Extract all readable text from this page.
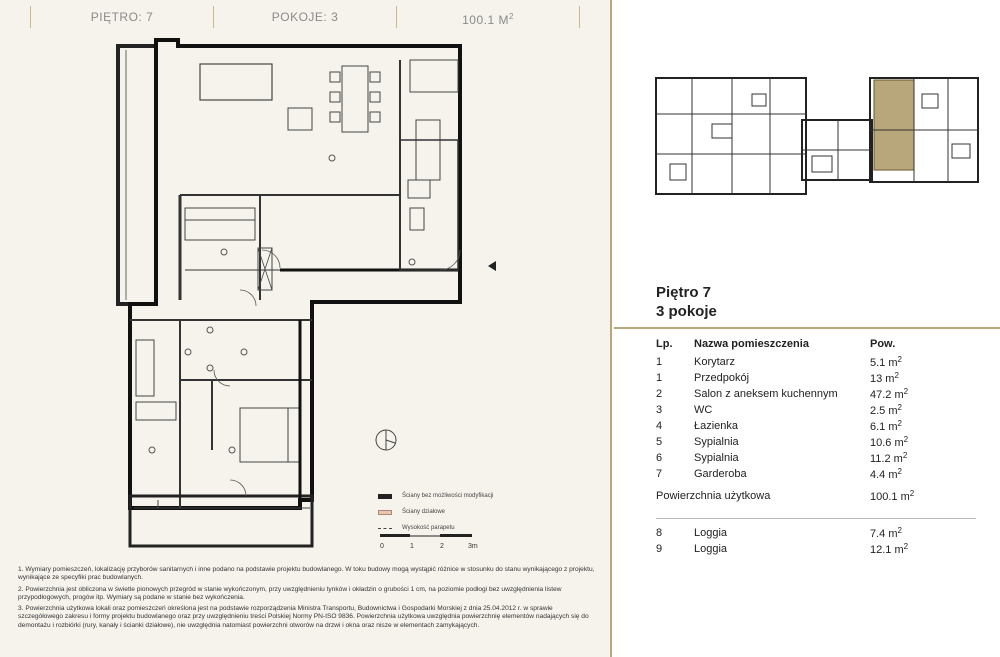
PIĘTRO: 7	POKOJE: 3	100.1 $M^2$
Ściany bez możliwości modyfikacji
Ściany działowe
Wysokość parapetu
0	1	2	3m

1. Wymiary pomieszczeń, lokalizację przyborów sanitarnych i inne podano na podstawie projektu budowlanego. W toku budowy mogą wystąpić różnice w stosunku do stanu wynikającego z projektu, wynikające ze specyfiki prac budowlanych.

2. Powierzchnia jest obliczona w świetle pionowych przegród w stanie wykończonym, przy uwzględnieniu tynków i okładzin o grubości 1 cm, na poziomie podłogi bez uwzględnienia listew przypodłogowych, progów itp. Wymiary są podane w stanie bez wykończenia.

3. Powierzchnia użytkowa lokali oraz pomieszczeń określona jest na podstawie rozporządzenia Ministra Transportu, Budownictwa i Gospodarki Morskiej z dnia 25.04.2012 r. w sprawie szczegółowego zakresu i formy projektu budowlanego oraz przy uwzględnieniu treści Polskiej Normy PN-ISO 9836. Powierzchnia użytkowa uwzględnia powierzchnię elementów nadających się do demontażu i rozbiórki (rury, kanały i ścianki działowe), nie uwzględnia natomiast powierzchni otworów na drzwi i okna oraz nisze w elementach zamykających.

Piętro 7
3 pokoje
Lp.	Nazwa pomieszczenia	Pow.
1	Korytarz	5.1 $m^2$
1	Przedpokój	13 $m^2$
2	Salon z aneksem kuchennym	47.2 $m^2$
3	WC	2.5 $m^2$
4	Łazienka	6.1 $m^2$
5	Sypialnia	10.6 $m^2$
6	Sypialnia	11.2 $m^2$
7	Garderoba	4.4 $m^2$
Powierzchnia użytkowa	100.1 $m^2$
8	Loggia	7.4 $m^2$
9	Loggia	12.1 $m^2$
